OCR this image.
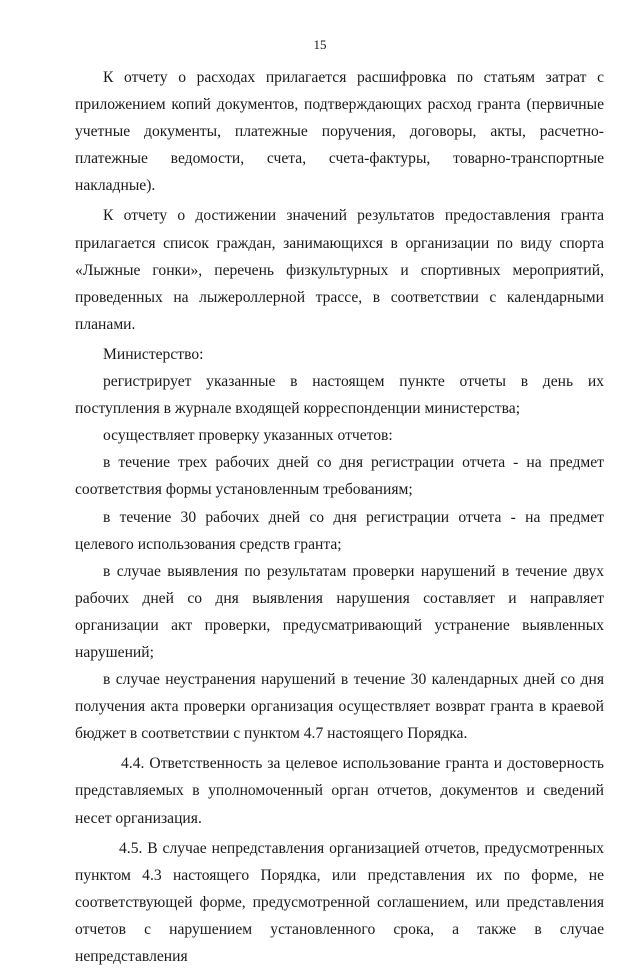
15

К отчету о расходах прилагается расшифровка по статьям затрат с приложением копий документов, подтверждающих расход гранта (первичные учетные документы, платежные поручения, договоры, акты, расчетно-платежные ведомости, счета, счета-фактуры, товарно-транспортные накладные).

К отчету о достижении значений результатов предоставления гранта прилагается список граждан, занимающихся в организации по виду спорта «Лыжные гонки», перечень физкультурных и спортивных мероприятий, проведенных на лыжероллерной трассе, в соответствии с календарными планами.

Министерство:

регистрирует указанные в настоящем пункте отчеты в день их поступления в журнале входящей корреспонденции министерства;

осуществляет проверку указанных отчетов:

в течение трех рабочих дней со дня регистрации отчета - на предмет соответствия формы установленным требованиям;

в течение 30 рабочих дней со дня регистрации отчета - на предмет целевого использования средств гранта;

в случае выявления по результатам проверки нарушений в течение двух рабочих дней со дня выявления нарушения составляет и направляет организации акт проверки, предусматривающий устранение выявленных нарушений;

в случае неустранения нарушений в течение 30 календарных дней со дня получения акта проверки организация осуществляет возврат гранта в краевой бюджет в соответствии с пунктом 4.7 настоящего Порядка.

4.4. Ответственность за целевое использование гранта и достоверность представляемых в уполномоченный орган отчетов, документов и сведений несет организация.

4.5. В случае непредставления организацией отчетов, предусмотренных пунктом 4.3 настоящего Порядка, или представления их по форме, не соответствующей форме, предусмотренной соглашением, или представления отчетов с нарушением установленного срока, а также в случае непредставления
